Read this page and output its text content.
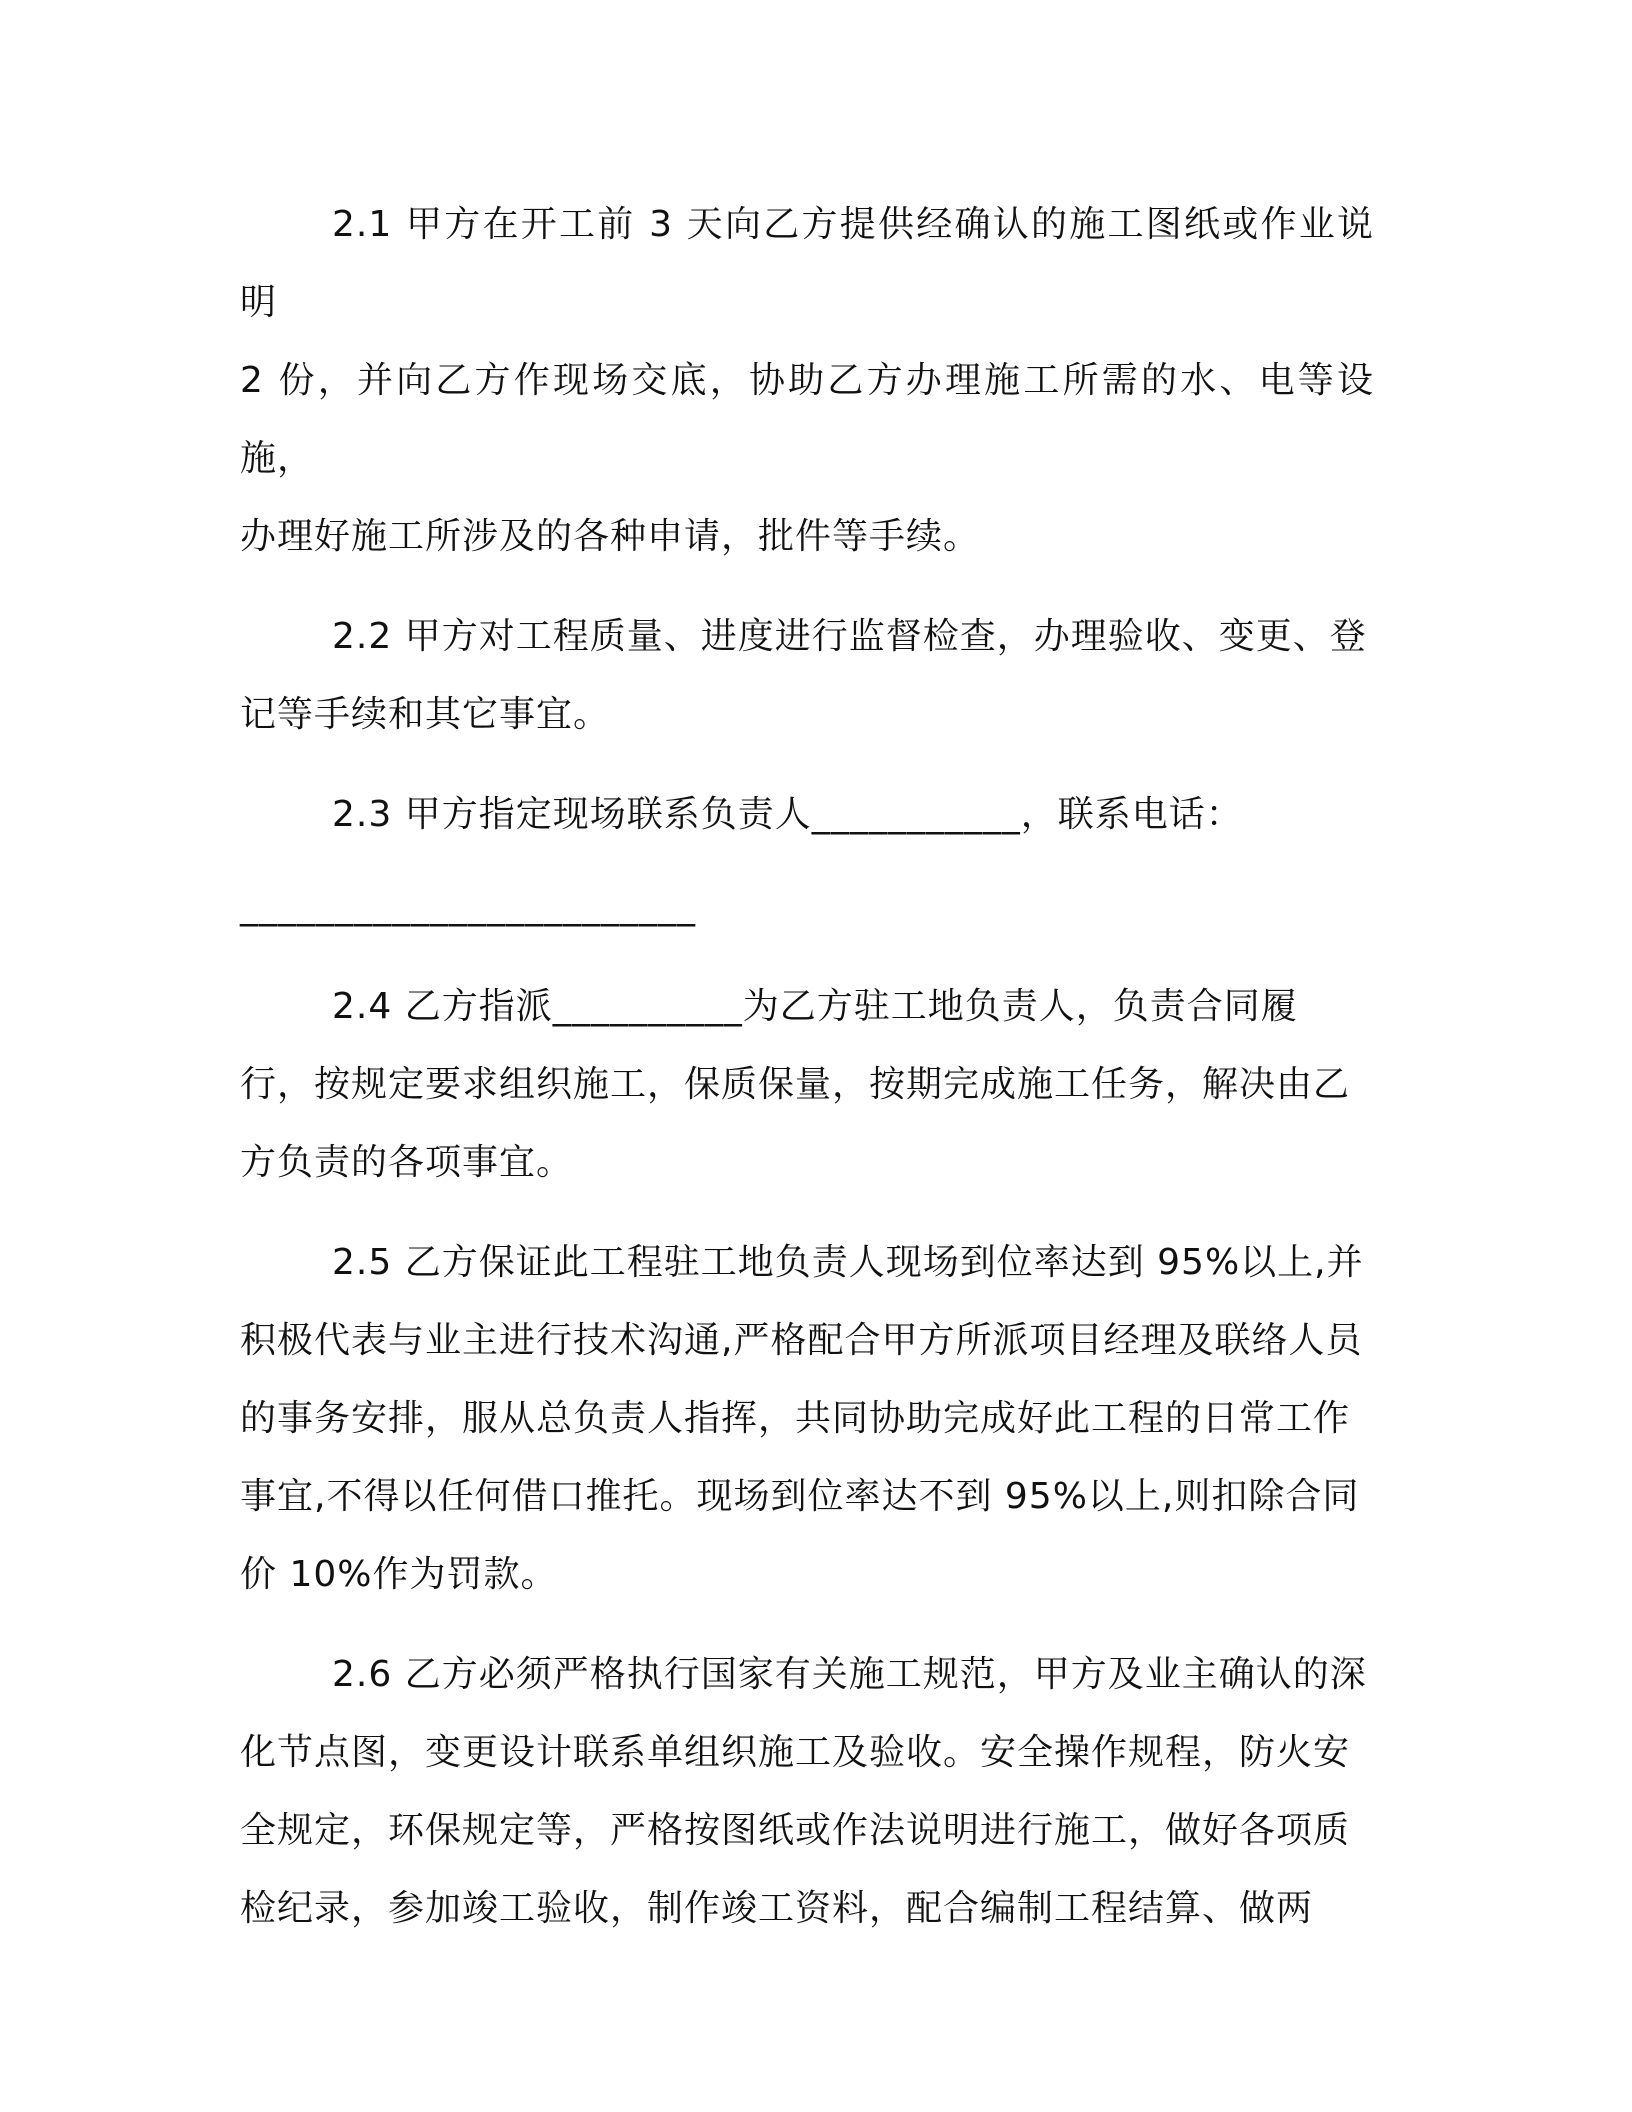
2.1 甲方在开工前 3 天向乙方提供经确认的施工图纸或作业说明
2 份，并向乙方作现场交底，协助乙方办理施工所需的水、电等设施，
办理好施工所涉及的各种申请，批件等手续。

2.2 甲方对工程质量、进度进行监督检查，办理验收、变更、登
记等手续和其它事宜。

2.3 甲方指定现场联系负责人___________，联系电话：

________________________

2.4 乙方指派__________为乙方驻工地负责人，负责合同履
行，按规定要求组织施工，保质保量，按期完成施工任务，解决由乙
方负责的各项事宜。

2.5 乙方保证此工程驻工地负责人现场到位率达到 95%以上,并
积极代表与业主进行技术沟通,严格配合甲方所派项目经理及联络人员
的事务安排，服从总负责人指挥，共同协助完成好此工程的日常工作
事宜,不得以任何借口推托。现场到位率达不到 95%以上,则扣除合同
价 10%作为罚款。

2.6 乙方必须严格执行国家有关施工规范，甲方及业主确认的深
化节点图，变更设计联系单组织施工及验收。安全操作规程，防火安
全规定，环保规定等，严格按图纸或作法说明进行施工，做好各项质
检纪录，参加竣工验收，制作竣工资料，配合编制工程结算、做两
